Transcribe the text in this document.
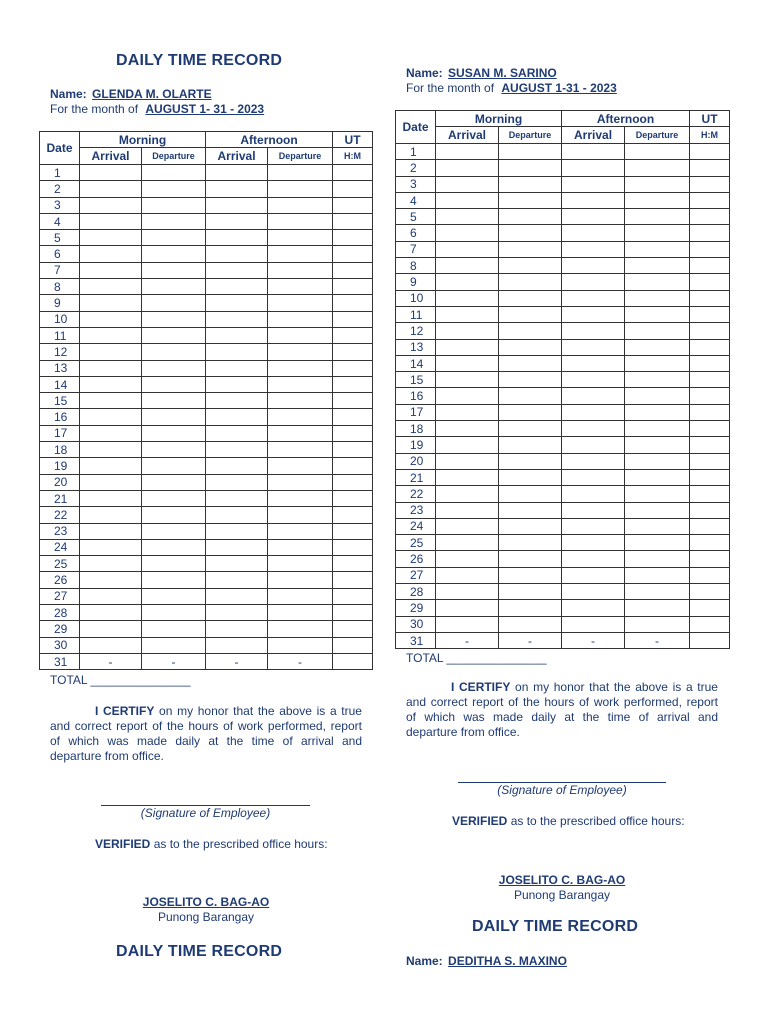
DAILY TIME RECORD
Name: GLENDA M. OLARTE
For the month of AUGUST 1- 31 - 2023
Date	Morning		Afternoon		UT
	Arrival	Departure	Arrival	Departure	H:M
1					
2					
3					
4					
5					
6					
7					
8					
9					
10					
11					
12					
13					
14					
15					
16					
17					
18					
19					
20					
21					
22					
23					
24					
25					
26					
27					
28					
29					
30					
31	-	-	-	-	
TOTAL _______________
I CERTIFY on my honor that the above is a true and correct report of the hours of work performed, report of which was made daily at the time of arrival and departure from office.
(Signature of Employee)
VERIFIED as to the prescribed office hours:
JOSELITO C. BAG-AO
Punong Barangay
DAILY TIME RECORD
Name: SUSAN M. SARINO
For the month of AUGUST 1-31 - 2023
Date	Morning		Afternoon		UT
	Arrival	Departure	Arrival	Departure	H:M
1					
2					
3					
4					
5					
6					
7					
8					
9					
10					
11					
12					
13					
14					
15					
16					
17					
18					
19					
20					
21					
22					
23					
24					
25					
26					
27					
28					
29					
30					
31	-	-	-	-	
TOTAL _______________
I CERTIFY on my honor that the above is a true and correct report of the hours of work performed, report of which was made daily at the time of arrival and departure from office.
(Signature of Employee)
VERIFIED as to the prescribed office hours:
JOSELITO C. BAG-AO
Punong Barangay
DAILY TIME RECORD
Name: DEDITHA S. MAXINO
